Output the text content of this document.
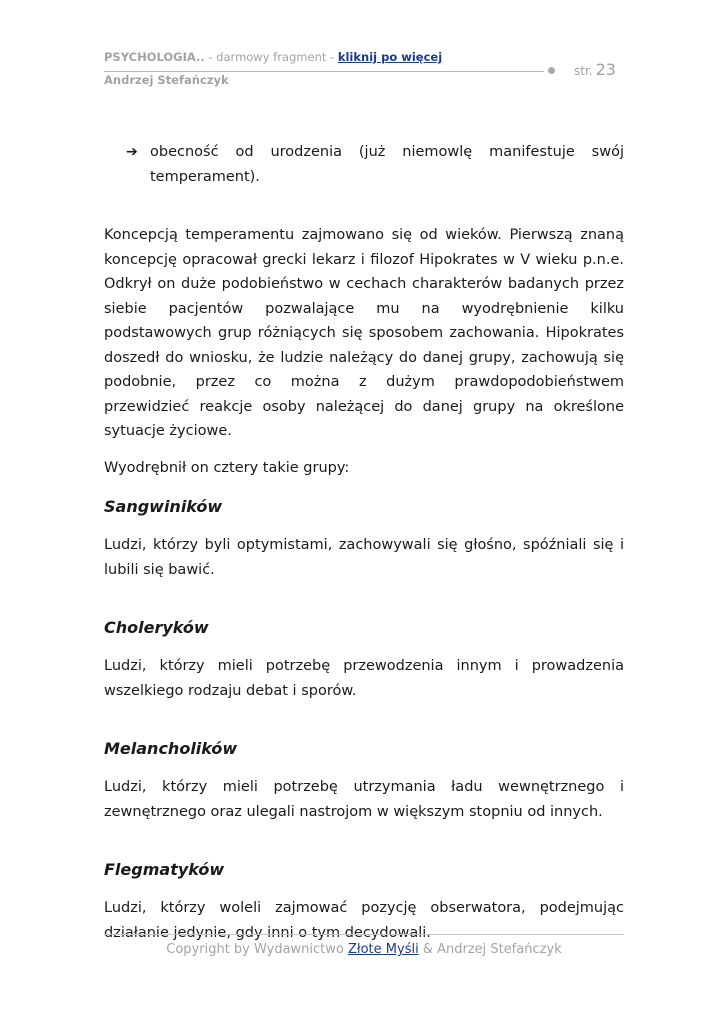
PSYCHOLOGIA.. - darmowy fragment - kliknij po więcej
Andrzej Stefańczyk
str. 23
➔ obecność od urodzenia (już niemowlę manifestuje swój temperament).

Koncepcją temperamentu zajmowano się od wieków. Pierwszą znaną koncepcję opracował grecki lekarz i filozof Hipokrates w V wieku p.n.e. Odkrył on duże podobieństwo w cechach charakterów badanych przez siebie pacjentów pozwalające mu na wyodrębnienie kilku podstawowych grup różniących się sposobem zachowania. Hipokrates doszedł do wniosku, że ludzie należący do danej grupy, zachowują się podobnie, przez co można z dużym prawdopodobieństwem przewidzieć reakcje osoby należącej do danej grupy na określone sytuacje życiowe.

Wyodrębnił on cztery takie grupy:

Sangwiników

Ludzi, którzy byli optymistami, zachowywali się głośno, spóźniali się i lubili się bawić.

Choleryków

Ludzi, którzy mieli potrzebę przewodzenia innym i prowadzenia wszelkiego rodzaju debat i sporów.

Melancholików

Ludzi, którzy mieli potrzebę utrzymania ładu wewnętrznego i zewnętrznego oraz ulegali nastrojom w większym stopniu od innych.

Flegmatyków

Ludzi, którzy woleli zajmować pozycję obserwatora, podejmując działanie jedynie, gdy inni o tym decydowali.

Copyright by Wydawnictwo Złote Myśli & Andrzej Stefańczyk
